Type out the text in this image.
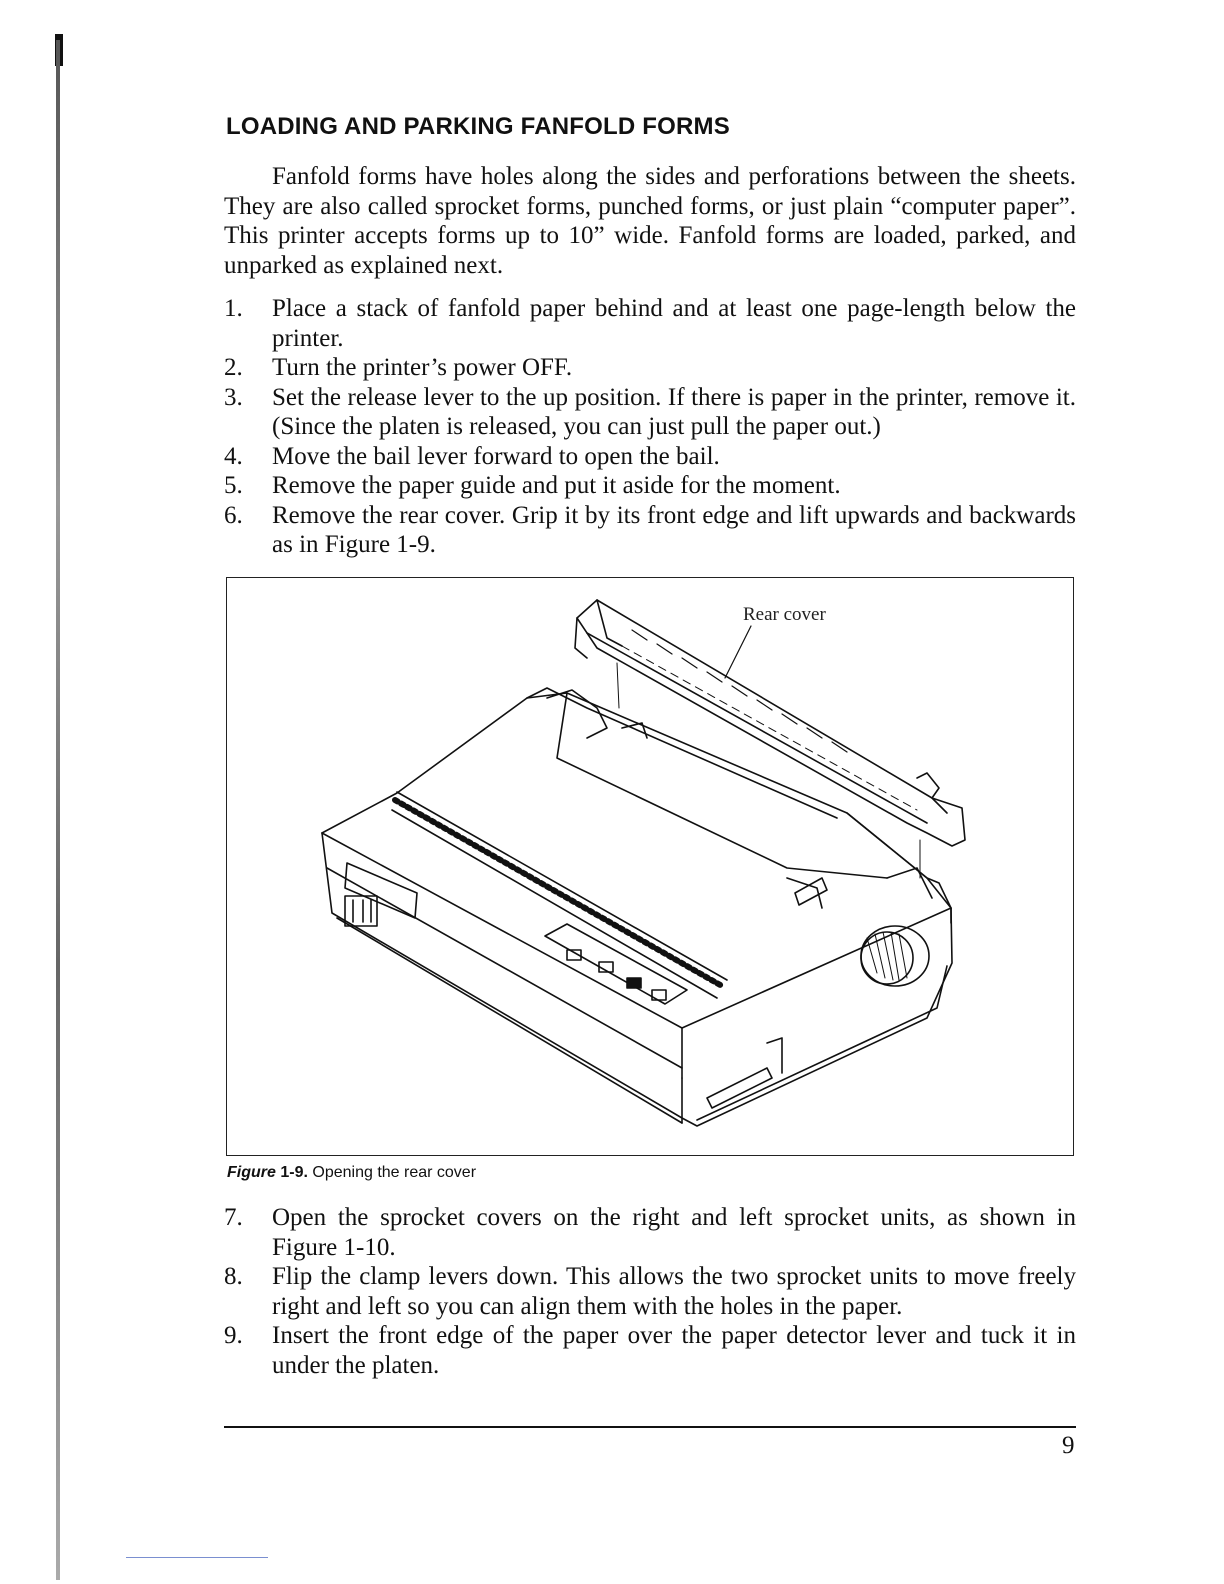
LOADING AND PARKING FANFOLD FORMS

Fanfold forms have holes along the sides and perforations between the sheets. They are also called sprocket forms, punched forms, or just plain “computer paper”. This printer accepts forms up to 10” wide. Fanfold forms are loaded, parked, and unparked as explained next.

1. Place a stack of fanfold paper behind and at least one page-length below the printer.
2. Turn the printer’s power OFF.
3. Set the release lever to the up position. If there is paper in the printer, remove it. (Since the platen is released, you can just pull the paper out.)
4. Move the bail lever forward to open the bail.
5. Remove the paper guide and put it aside for the moment.
6. Remove the rear cover. Grip it by its front edge and lift upwards and backwards as in Figure 1-9.
Rear cover
Figure 1-9. Opening the rear cover
7. Open the sprocket covers on the right and left sprocket units, as shown in Figure 1-10.
8. Flip the clamp levers down. This allows the two sprocket units to move freely right and left so you can align them with the holes in the paper.
9. Insert the front edge of the paper over the paper detector lever and tuck it in under the platen.
9
